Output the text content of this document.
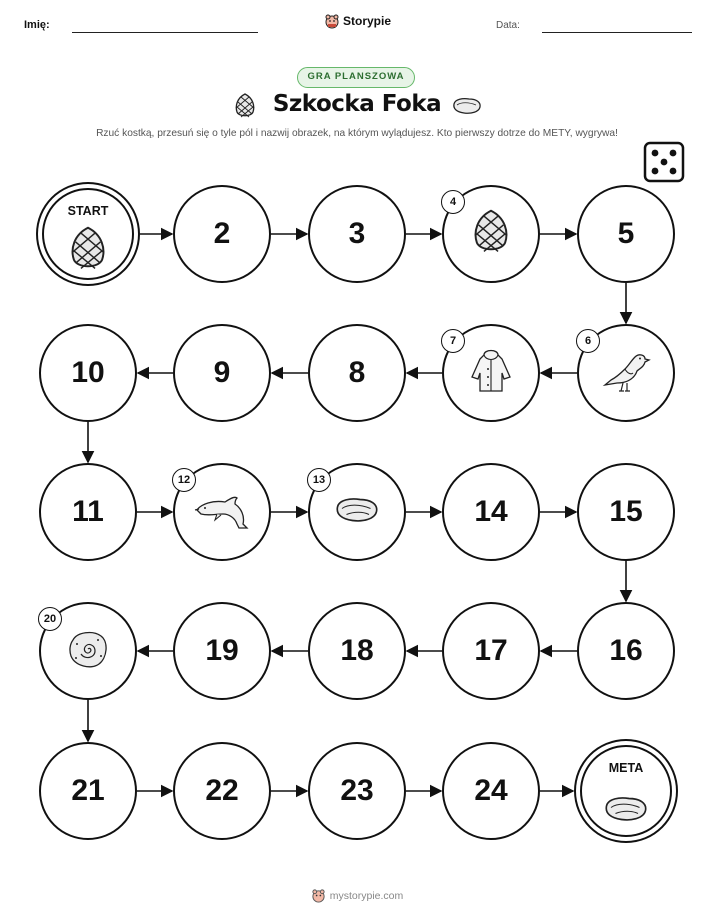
Imię:	Storypie	Data:
GRA PLANSZOWA
Szkocka Foka
Rzuć kostką, przesuń się o tyle pól i nazwij obrazek, na którym wylądujesz. Kto pierwszy dotrze do METY, wygrywa!
META
24
23
22
21
19	18	17	16
15
14
11
10	9	8
5
3
2
START
4
6
7
12	13
20
mystorypie.com
